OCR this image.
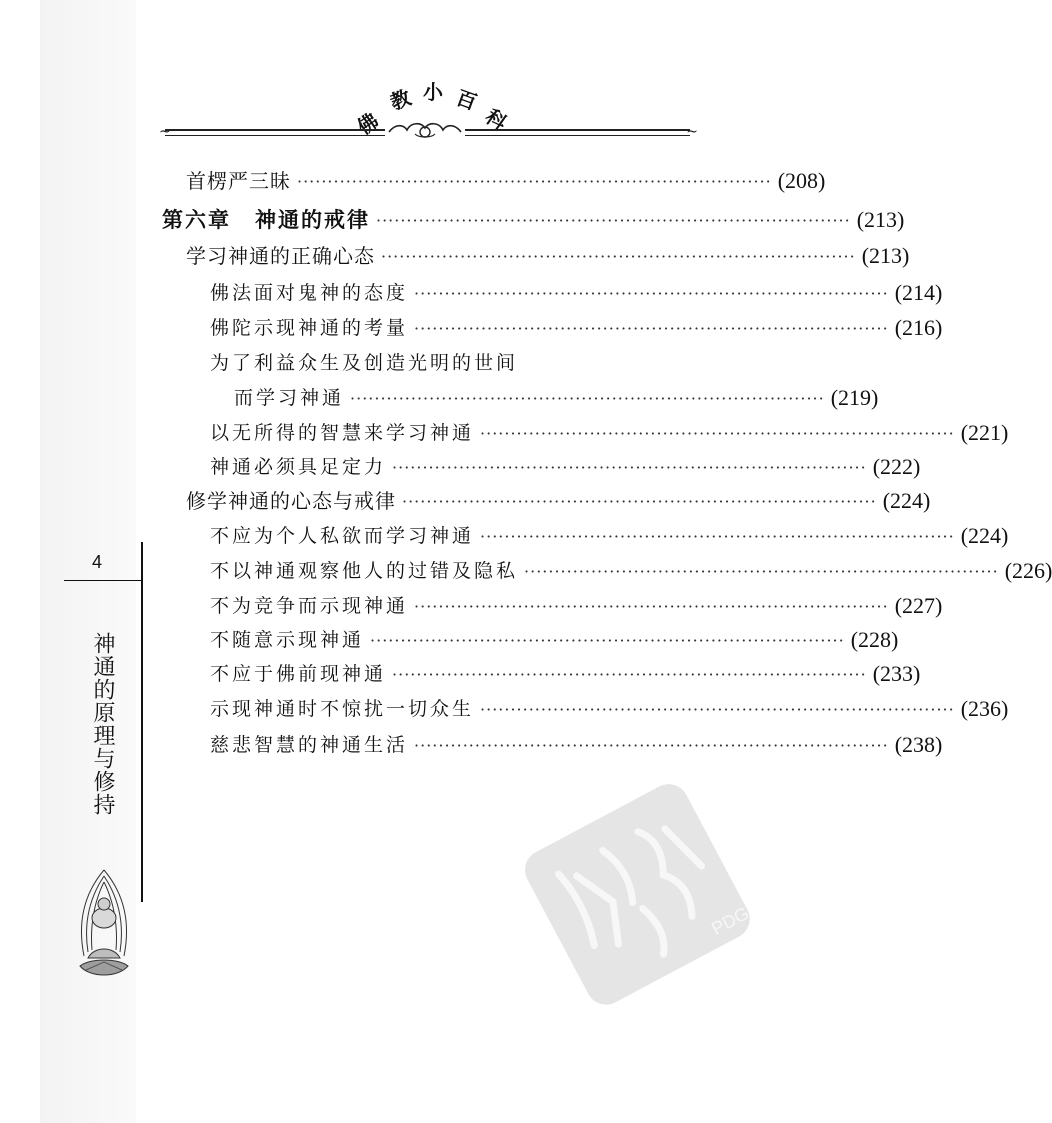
佛
教 小 百
科
~	~
首楞严三昧 ·············································································· (208)
第六章 神通的戒律 ·············································································· (213)
学习神通的正确心态 ·············································································· (213)
佛法面对鬼神的态度 ·············································································· (214)
佛陀示现神通的考量 ·············································································· (216)
为了利益众生及创造光明的世间
而学习神通 ·············································································· (219)
以无所得的智慧来学习神通 ·············································································· (221)
神通必须具足定力 ·············································································· (222)
修学神通的心态与戒律 ·············································································· (224)
不应为个人私欲而学习神通 ·············································································· (224)
不以神通观察他人的过错及隐私 ·············································································· (226)
不为竞争而示现神通 ·············································································· (227)
不随意示现神通 ·············································································· (228)
不应于佛前现神通 ·············································································· (233)
示现神通时不惊扰一切众生 ·············································································· (236)
慈悲智慧的神通生活 ·············································································· (238)
4
神通的原理与修持
PDG
